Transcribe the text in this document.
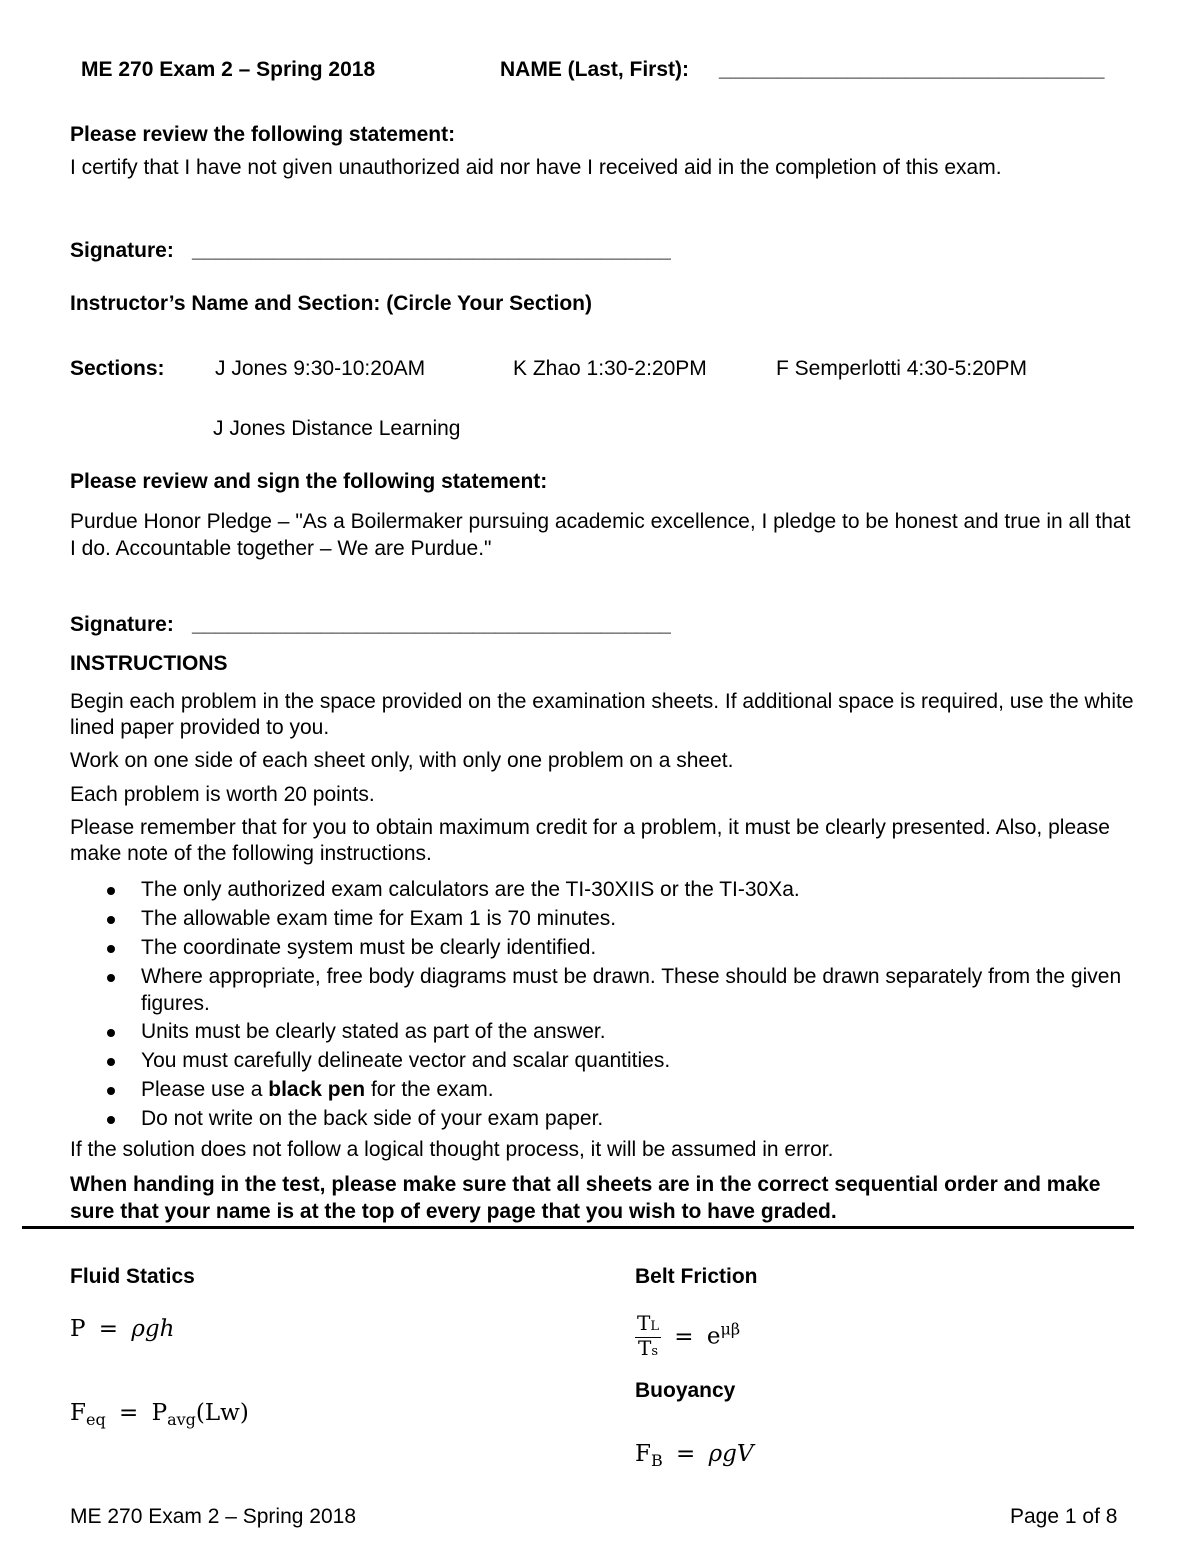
ME 270 Exam 2 – Spring 2018	NAME (Last, First): _________________________________
Please review the following statement:
I certify that I have not given unauthorized aid nor have I received aid in the completion of this exam.
Signature: _________________________________________
Instructor’s Name and Section: (Circle Your Section)
Sections: J Jones 9:30-10:20AM	K Zhao 1:30-2:20PM	F Semperlotti 4:30-5:20PM
J Jones Distance Learning
Please review and sign the following statement:
Purdue Honor Pledge – "As a Boilermaker pursuing academic excellence, I pledge to be honest and true in all that I do. Accountable together – We are Purdue."
Signature: _________________________________________
INSTRUCTIONS
Begin each problem in the space provided on the examination sheets. If additional space is required, use the white lined paper provided to you.
Work on one side of each sheet only, with only one problem on a sheet.
Each problem is worth 20 points.
Please remember that for you to obtain maximum credit for a problem, it must be clearly presented. Also, please make note of the following instructions.
The only authorized exam calculators are the TI-30XIIS or the TI-30Xa.
The allowable exam time for Exam 1 is 70 minutes.
The coordinate system must be clearly identified.
Where appropriate, free body diagrams must be drawn. These should be drawn separately from the given figures.
Units must be clearly stated as part of the answer.
You must carefully delineate vector and scalar quantities.
Please use a black pen for the exam.
Do not write on the back side of your exam paper.
If the solution does not follow a logical thought process, it will be assumed in error.
When handing in the test, please make sure that all sheets are in the correct sequential order and make sure that your name is at the top of every page that you wish to have graded.
Fluid Statics
P = ρgh
$F_{eq} = P_{avg}(Lw)$
Belt Friction
$\frac{TL}{Ts} = e^{\mu\beta}$
Buoyancy
$F_B = \rho gV$
ME 270 Exam 2 – Spring 2018	Page 1 of 8
